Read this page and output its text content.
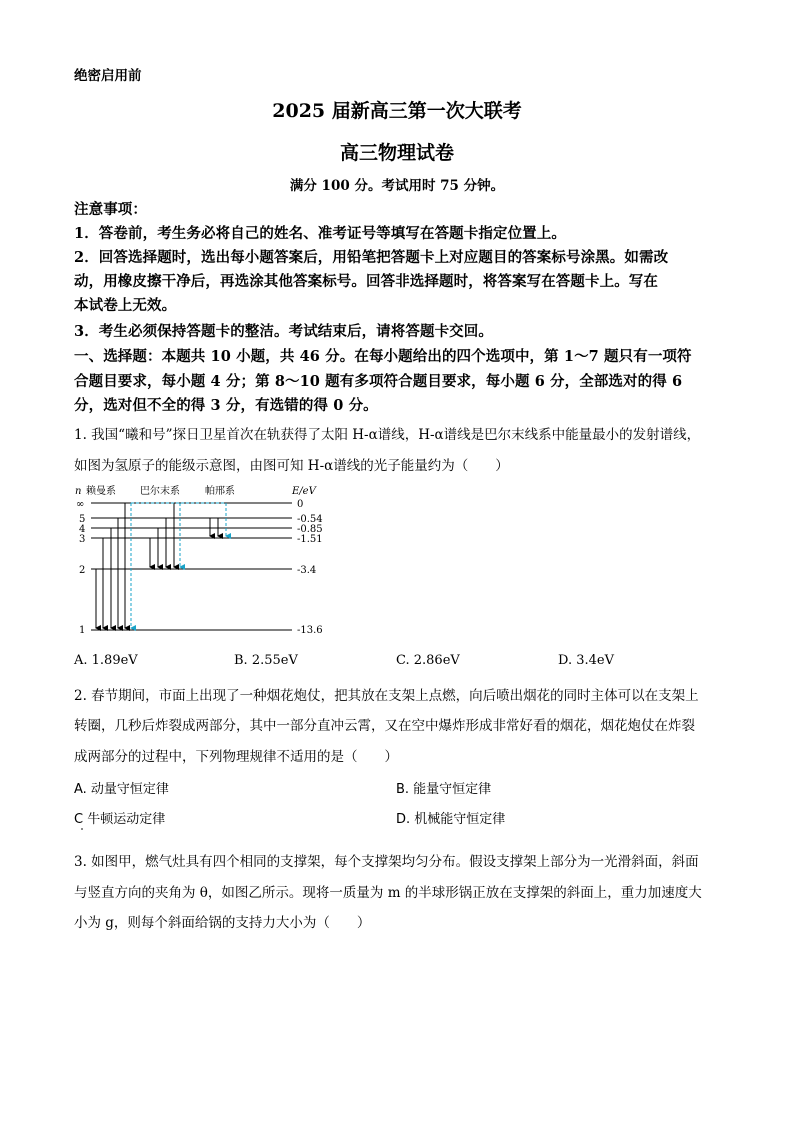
绝密启用前
2025 届新高三第一次大联考
高三物理试卷
满分 100 分。考试用时 75 分钟。
注意事项：
1．答卷前，考生务必将自己的姓名、准考证号等填写在答题卡指定位置上。
2．回答选择题时，选出每小题答案后，用铅笔把答题卡上对应题目的答案标号涂黑。如需改
动，用橡皮擦干净后，再选涂其他答案标号。回答非选择题时，将答案写在答题卡上。写在
本试卷上无效。
3．考生必须保持答题卡的整洁。考试结束后，请将答题卡交回。
一、选择题：本题共 10 小题，共 46 分。在每小题给出的四个选项中，第 1～7 题只有一项符
合题目要求，每小题 4 分；第 8～10 题有多项符合题目要求，每小题 6 分，全部选对的得 6
分，选对但不全的得 3 分，有选错的得 0 分。
1. 我国“曦和号”探日卫星首次在轨获得了太阳 H-α谱线，H-α谱线是巴尔末线系中能量最小的发射谱线，
如图为氢原子的能级示意图，由图可知 H-α谱线的光子能量约为（　　）
n 赖曼系 巴尔末系	帕邢系	E/eV
∞
5
4
3
2
1
0
-0.54
-0.85
-1.51
-3.4
-13.6
A. 1.89eV	B. 2.55eV	C. 2.86eV	D. 3.4eV
2. 春节期间，市面上出现了一种烟花炮仗，把其放在支架上点燃，向后喷出烟花的同时主体可以在支架上
转圈，几秒后炸裂成两部分，其中一部分直冲云霄，又在空中爆炸形成非常好看的烟花，烟花炮仗在炸裂
成两部分的过程中，下列物理规律不适用的是（　　）
A. 动量守恒定律	B. 能量守恒定律
C 牛顿运动定律	D. 机械能守恒定律
3. 如图甲，燃气灶具有四个相同的支撑架，每个支撑架均匀分布。假设支撑架上部分为一光滑斜面，斜面
与竖直方向的夹角为 θ，如图乙所示。现将一质量为 m 的半球形锅正放在支撑架的斜面上，重力加速度大
小为 g，则每个斜面给锅的支持力大小为（　　）
